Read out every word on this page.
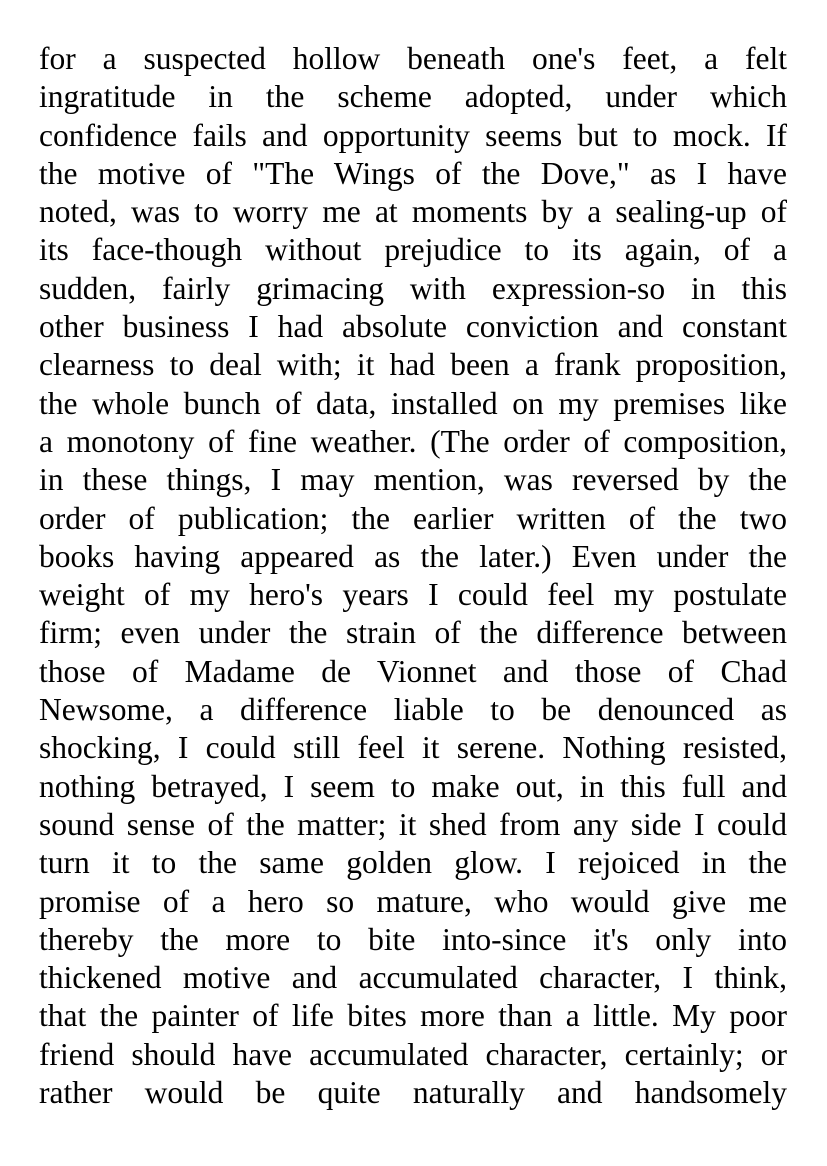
for a suspected hollow beneath one's feet, a felt
ingratitude in the scheme adopted, under which
confidence fails and opportunity seems but to mock. If
the motive of "The Wings of the Dove," as I have
noted, was to worry me at moments by a sealing-up of
its face-though without prejudice to its again, of a
sudden, fairly grimacing with expression-so in this
other business I had absolute conviction and constant
clearness to deal with; it had been a frank proposition,
the whole bunch of data, installed on my premises like
a monotony of fine weather. (The order of composition,
in these things, I may mention, was reversed by the
order of publication; the earlier written of the two
books having appeared as the later.) Even under the
weight of my hero's years I could feel my postulate
firm; even under the strain of the difference between
those of Madame de Vionnet and those of Chad
Newsome, a difference liable to be denounced as
shocking, I could still feel it serene. Nothing resisted,
nothing betrayed, I seem to make out, in this full and
sound sense of the matter; it shed from any side I could
turn it to the same golden glow. I rejoiced in the
promise of a hero so mature, who would give me
thereby the more to bite into-since it's only into
thickened motive and accumulated character, I think,
that the painter of life bites more than a little. My poor
friend should have accumulated character, certainly; or
rather would be quite naturally and handsomely
